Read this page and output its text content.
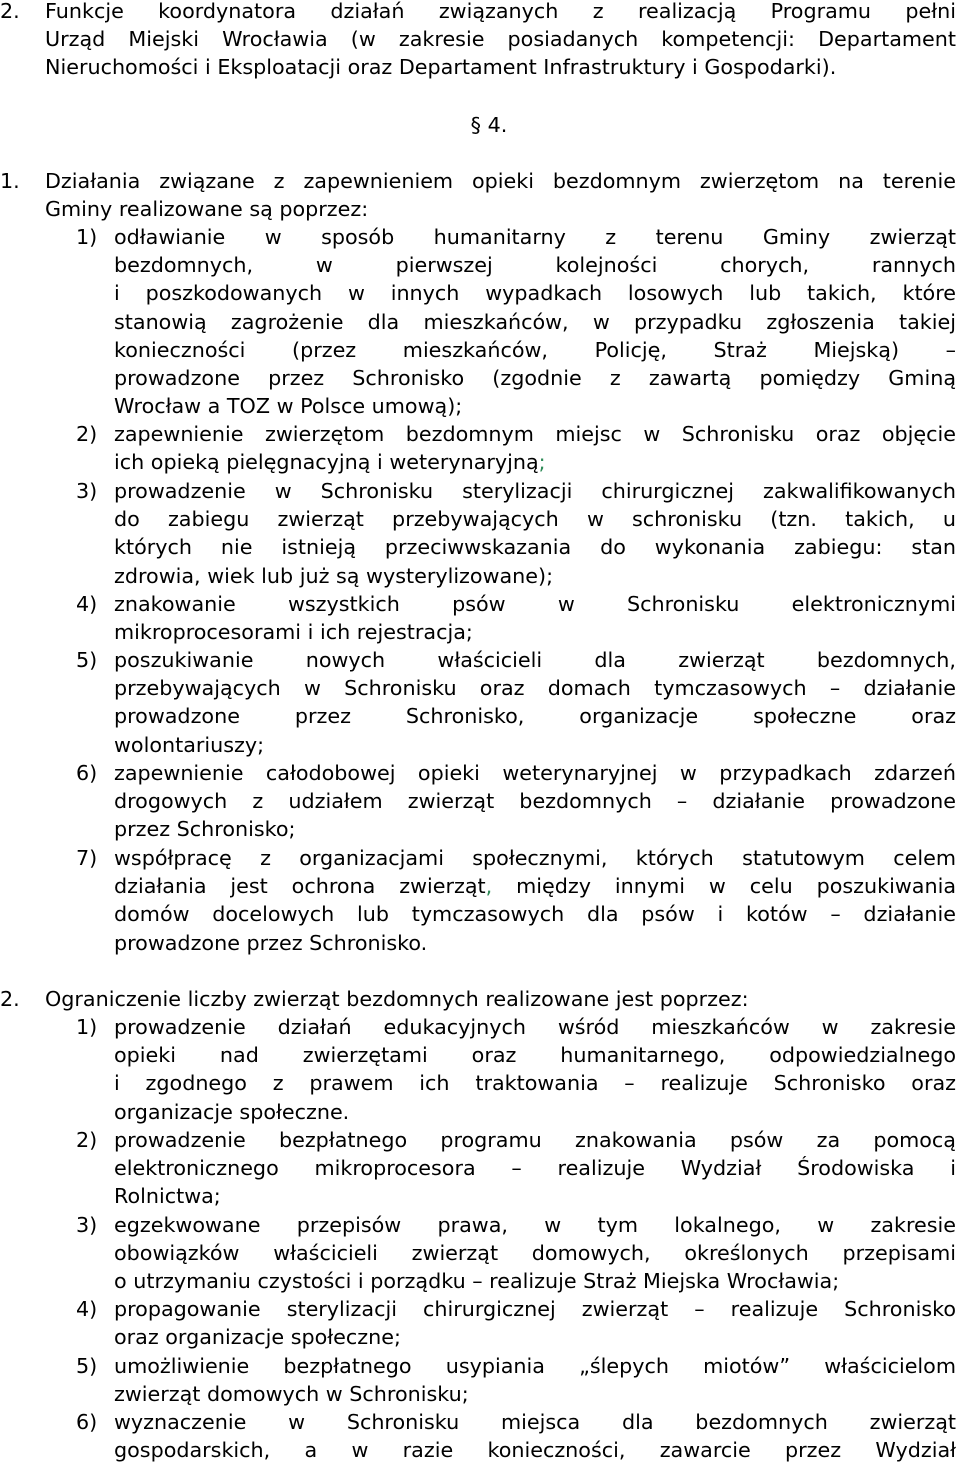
2. Funkcje koordynatora działań związanych z realizacją Programu pełni

Urząd Miejski Wrocławia (w zakresie posiadanych kompetencji: Departament

Nieruchomości i Eksploatacji oraz Departament Infrastruktury i Gospodarki).

§ 4.
1. Działania związane z zapewnieniem opieki bezdomnym zwierzętom na terenie

Gminy realizowane są poprzez:

1) odławianie w sposób humanitarny z terenu Gminy zwierząt

bezdomnych, w pierwszej kolejności chorych, rannych

i poszkodowanych w innych wypadkach losowych lub takich, które

stanowią zagrożenie dla mieszkańców, w przypadku zgłoszenia takiej

konieczności (przez mieszkańców, Policję, Straż Miejską) –

prowadzone przez Schronisko (zgodnie z zawartą pomiędzy Gminą

Wrocław a TOZ w Polsce umową);

2) zapewnienie zwierzętom bezdomnym miejsc w Schronisku oraz objęcie

ich opieką pielęgnacyjną i weterynaryjną;

3) prowadzenie w Schronisku sterylizacji chirurgicznej zakwalifikowanych

do zabiegu zwierząt przebywających w schronisku (tzn. takich, u

których nie istnieją przeciwwskazania do wykonania zabiegu: stan

zdrowia, wiek lub już są wysterylizowane);

4) znakowanie wszystkich psów w Schronisku elektronicznymi

mikroprocesorami i ich rejestracja;

5) poszukiwanie nowych właścicieli dla zwierząt bezdomnych,

przebywających w Schronisku oraz domach tymczasowych – działanie

prowadzone przez Schronisko, organizacje społeczne oraz

wolontariuszy;

6) zapewnienie całodobowej opieki weterynaryjnej w przypadkach zdarzeń

drogowych z udziałem zwierząt bezdomnych – działanie prowadzone

przez Schronisko;

7) współpracę z organizacjami społecznymi, których statutowym celem

działania jest ochrona zwierząt, między innymi w celu poszukiwania

domów docelowych lub tymczasowych dla psów i kotów – działanie

prowadzone przez Schronisko.

2. Ograniczenie liczby zwierząt bezdomnych realizowane jest poprzez:

1) prowadzenie działań edukacyjnych wśród mieszkańców w zakresie

opieki nad zwierzętami oraz humanitarnego, odpowiedzialnego

i zgodnego z prawem ich traktowania – realizuje Schronisko oraz

organizacje społeczne.

2) prowadzenie bezpłatnego programu znakowania psów za pomocą

elektronicznego mikroprocesora – realizuje Wydział Środowiska i

Rolnictwa;

3) egzekwowane przepisów prawa, w tym lokalnego, w zakresie

obowiązków właścicieli zwierząt domowych, określonych przepisami

o utrzymaniu czystości i porządku – realizuje Straż Miejska Wrocławia;

4) propagowanie sterylizacji chirurgicznej zwierząt – realizuje Schronisko

oraz organizacje społeczne;

5) umożliwienie bezpłatnego usypiania „ślepych miotów” właścicielom

zwierząt domowych w Schronisku;

6) wyznaczenie w Schronisku miejsca dla bezdomnych zwierząt

gospodarskich, a w razie konieczności, zawarcie przez Wydział
